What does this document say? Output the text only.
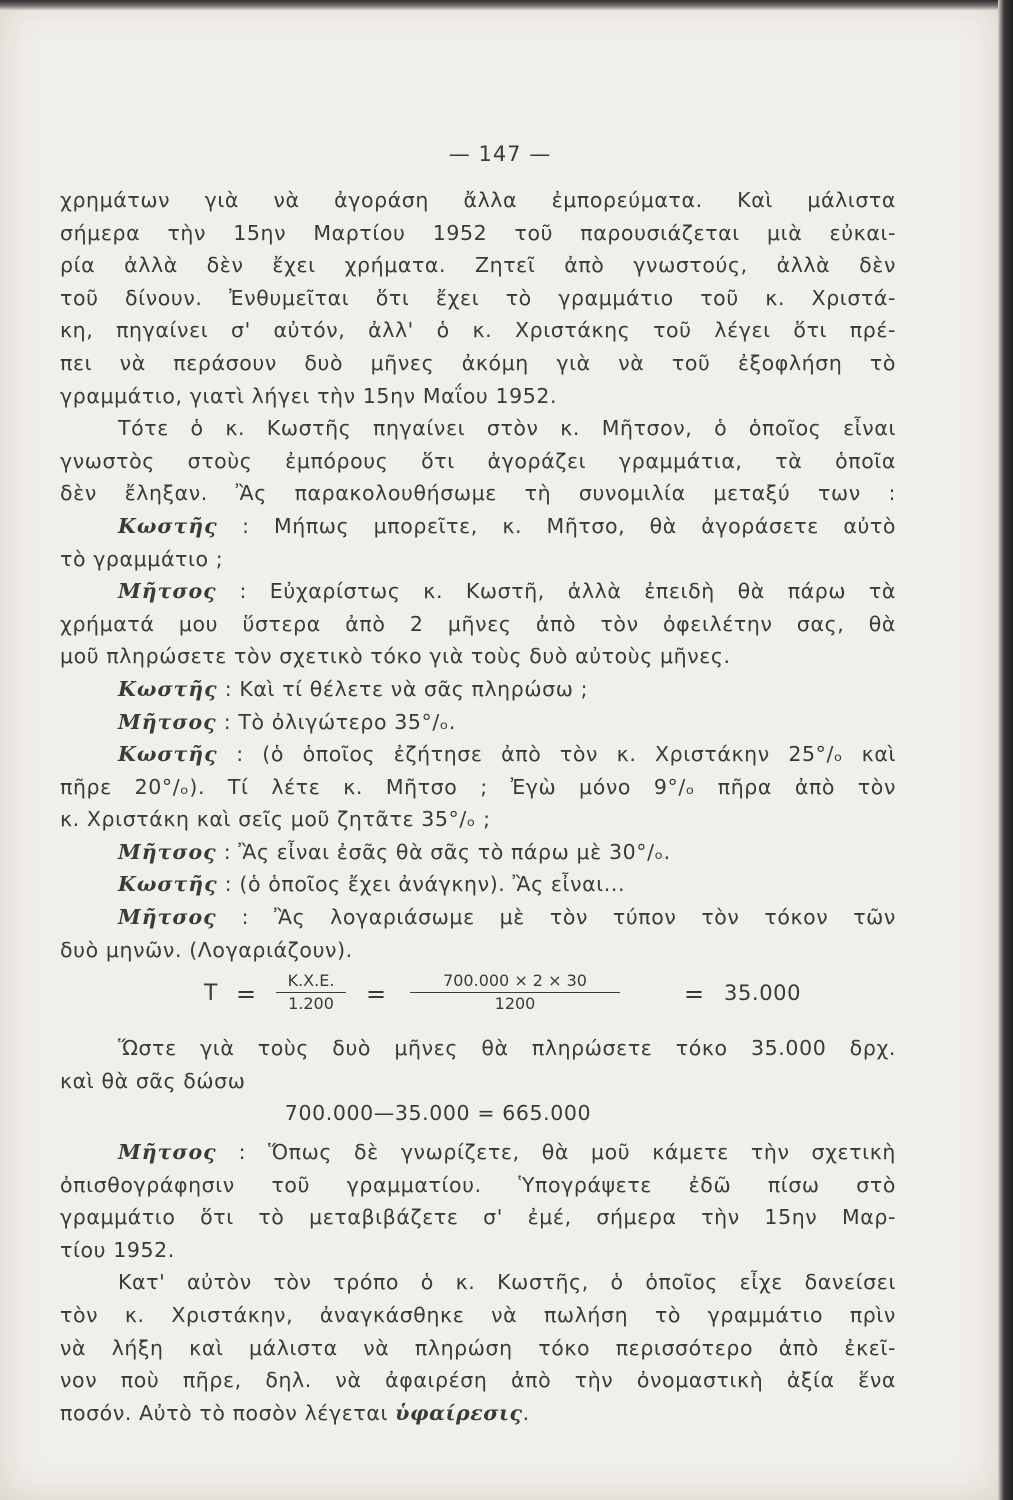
— 147 —
χρημάτων γιὰ νὰ ἀγοράση ἄλλα ἐμπορεύματα. Καὶ μάλιστα
σήμερα τὴν 15ην Μαρτίου 1952 τοῦ παρουσιάζεται μιὰ εὐκαι-
ρία ἀλλὰ δὲν ἔχει χρήματα. Ζητεῖ ἀπὸ γνωστούς, ἀλλὰ δὲν
τοῦ δίνουν. Ἐνθυμεῖται ὅτι ἔχει τὸ γραμμάτιο τοῦ κ. Χριστά-
κη, πηγαίνει σ' αὐτόν, ἀλλ' ὁ κ. Χριστάκης τοῦ λέγει ὅτι πρέ-
πει νὰ περάσουν δυὸ μῆνες ἀκόμη γιὰ νὰ τοῦ ἐξοφλήση τὸ
γραμμάτιο, γιατὶ λήγει τὴν 15ην Μαΐου 1952.
Τότε ὁ κ. Κωστῆς πηγαίνει στὸν κ. Μῆτσον, ὁ ὁποῖος εἶναι
γνωστὸς στοὺς ἐμπόρους ὅτι ἀγοράζει γραμμάτια, τὰ ὁποῖα
δὲν ἔληξαν. Ἂς παρακολουθήσωμε τὴ συνομιλία μεταξύ των :
Κωστῆς : Μήπως μπορεῖτε, κ. Μῆτσο, θὰ ἀγοράσετε αὐτὸ
τὸ γραμμάτιο ;
Μῆτσος : Εὐχαρίστως κ. Κωστῆ, ἀλλὰ ἐπειδὴ θὰ πάρω τὰ
χρήματά μου ὕστερα ἀπὸ 2 μῆνες ἀπὸ τὸν ὀφειλέτην σας, θὰ
μοῦ πληρώσετε τὸν σχετικὸ τόκο γιὰ τοὺς δυὸ αὐτοὺς μῆνες.
Κωστῆς : Καὶ τί θέλετε νὰ σᾶς πληρώσω ;
Μῆτσος : Τὸ ὀλιγώτερο 35°/ₒ.
Κωστῆς : (ὁ ὁποῖος ἐζήτησε ἀπὸ τὸν κ. Χριστάκην 25°/ₒ καὶ
πῆρε 20°/ₒ). Τί λέτε κ. Μῆτσο ; Ἐγὼ μόνο 9°/ₒ πῆρα ἀπὸ τὸν
κ. Χριστάκη καὶ σεῖς μοῦ ζητᾶτε 35°/ₒ ;
Μῆτσος : Ἂς εἶναι ἐσᾶς θὰ σᾶς τὸ πάρω μὲ 30°/ₒ.
Κωστῆς : (ὁ ὁποῖος ἔχει ἀνάγκην). Ἂς εἶναι...
Μῆτσος : Ἂς λογαριάσωμε μὲ τὸν τύπον τὸν τόκον τῶν
δυὸ μηνῶν. (Λογαριάζουν).
$T = \frac{K.X.E.}{1.200} = \frac{700.000 \times 2 \times 30}{1200}$	= 35.000
Ὥστε γιὰ τοὺς δυὸ μῆνες θὰ πληρώσετε τόκο 35.000 δρχ.
καὶ θὰ σᾶς δώσω
700.000—35.000 = 665.000
Μῆτσος : Ὅπως δὲ γνωρίζετε, θὰ μοῦ κάμετε τὴν σχετικὴ
ὀπισθογράφησιν τοῦ γραμματίου. Ὑπογράψετε ἐδῶ πίσω στὸ
γραμμάτιο ὅτι τὸ μεταβιβάζετε σ' ἐμέ, σήμερα τὴν 15ην Μαρ-
τίου 1952.
Κατ' αὐτὸν τὸν τρόπο ὁ κ. Κωστῆς, ὁ ὁποῖος εἶχε δανείσει
τὸν κ. Χριστάκην, ἀναγκάσθηκε νὰ πωλήση τὸ γραμμάτιο πρὶν
νὰ λήξη καὶ μάλιστα νὰ πληρώση τόκο περισσότερο ἀπὸ ἐκεῖ-
νον ποὺ πῆρε, δηλ. νὰ ἀφαιρέση ἀπὸ τὴν ὀνομαστικὴ ἀξία ἕνα
ποσόν. Αὐτὸ τὸ ποσὸν λέγεται ὑφαίρεσις.
